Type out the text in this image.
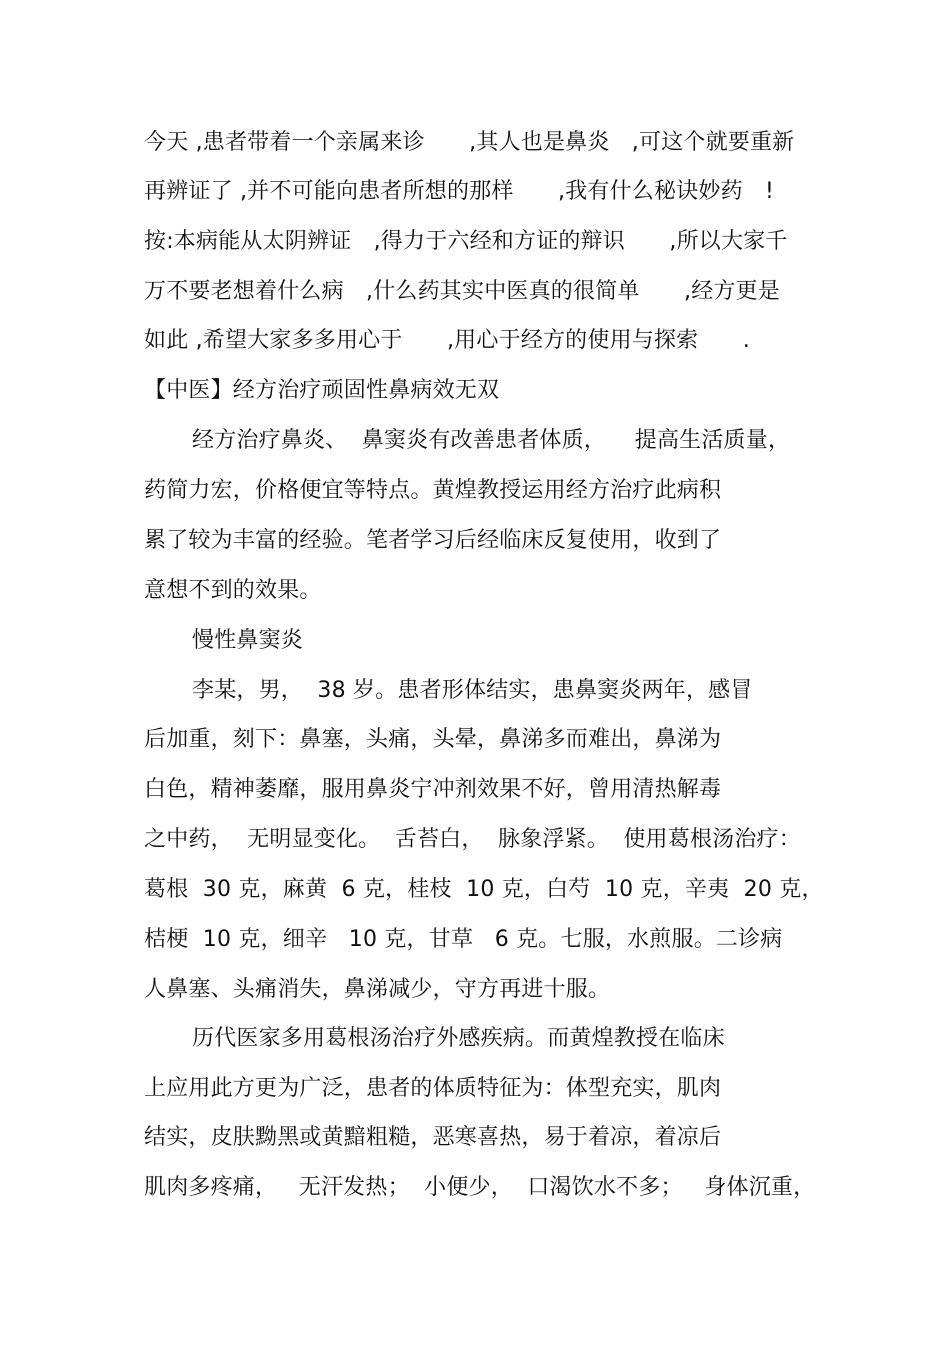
今天 ,患者带着一个亲属来诊　　,其人也是鼻炎　,可这个就要重新
再辨证了 ,并不可能向患者所想的那样　　,我有什么秘诀妙药　!
按:本病能从太阴辨证　,得力于六经和方证的辩识　　,所以大家千
万不要老想着什么病　,什么药其实中医真的很简单　　,经方更是
如此 ,希望大家多多用心于　　,用心于经方的使用与探索　　.
【中医】经方治疗顽固性鼻病效无双
经方治疗鼻炎、  鼻窦炎有改善患者体质，    提高生活质量，
药简力宏，价格便宜等特点。黄煌教授运用经方治疗此病积
累了较为丰富的经验。笔者学习后经临床反复使用，收到了
意想不到的效果。
慢性鼻窦炎
李某，男，  38 岁。患者形体结实，患鼻窦炎两年，感冒
后加重，刻下：鼻塞，头痛，头晕，鼻涕多而难出，鼻涕为
白色，精神萎靡，服用鼻炎宁冲剂效果不好，曾用清热解毒
之中药，  无明显变化。  舌苔白，  脉象浮紧。  使用葛根汤治疗：
葛根  30 克，麻黄  6 克，桂枝  10 克，白芍  10 克，辛夷  20 克，
桔梗  10 克，细辛   10 克，甘草   6 克。七服，水煎服。二诊病
人鼻塞、头痛消失，鼻涕减少，守方再进十服。
历代医家多用葛根汤治疗外感疾病。而黄煌教授在临床
上应用此方更为广泛，患者的体质特征为：体型充实，肌肉
结实，皮肤黝黑或黄黯粗糙，恶寒喜热，易于着凉，着凉后
肌肉多疼痛，   无汗发热；  小便少，  口渴饮水不多；   身体沉重，
